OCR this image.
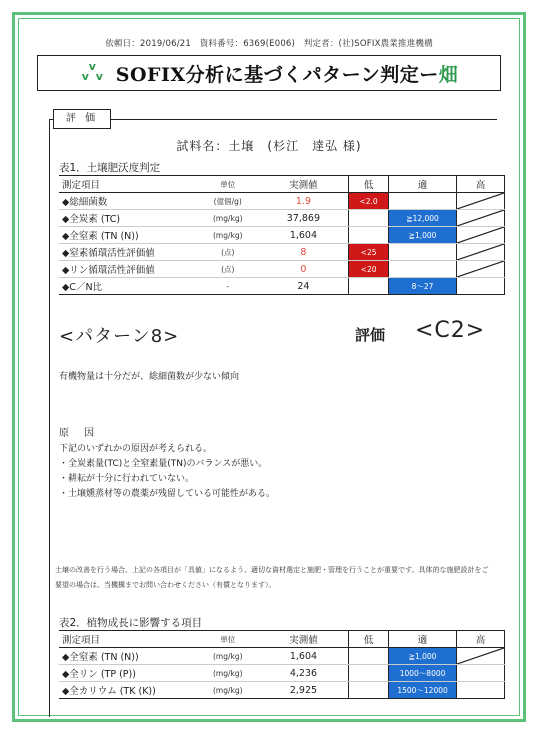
依頼日：2019/06/21　資料番号：6369(E006)　判定者：(社)SOFIX農業推進機構
v
v v SOFIX分析に基づくパターン判定ー畑
評 価
試料名：土壌　(杉江　達弘 様)
表1．土壌肥沃度判定
測定項目	単位	実測値	低	適	高
◆総細菌数	(億個/g)	1.9	<2.0		

◆全炭素 (TC)	(mg/kg)	37,869		≧12,000	

◆全窒素 (TN (N))	(mg/kg)	1,604		≧1,000	

◆窒素循環活性評価値	(点)	8	<25		

◆リン循環活性評価値	(点)	0	<20		

◆C／N比	-	24		8〜27	
<パターン8>	評価 <C2>
有機物量は十分だが、総細菌数が少ない傾向
原 因
下記のいずれかの原因が考えられる。
・全炭素量(TC)と全窒素量(TN)のバランスが悪い。
・耕耘が十分に行われていない。
・土壌燻蒸材等の農薬が残留している可能性がある。
土壌の改善を行う場合、上記の各項目が「具値」になるよう、適切な資材選定と施肥・管理を行うことが重要です。具体的な施肥設計をご要望の場合は、当機構までお問い合わせください（有償となります）。
表2．植物成長に影響する項目
測定項目	単位	実測値	低	適	高
◆全窒素 (TN (N))	(mg/kg)	1,604		≧1,000	

◆全リン (TP (P))	(mg/kg)	4,236		1000〜8000	
◆全カリウム (TK (K))	(mg/kg)	2,925		1500〜12000	
